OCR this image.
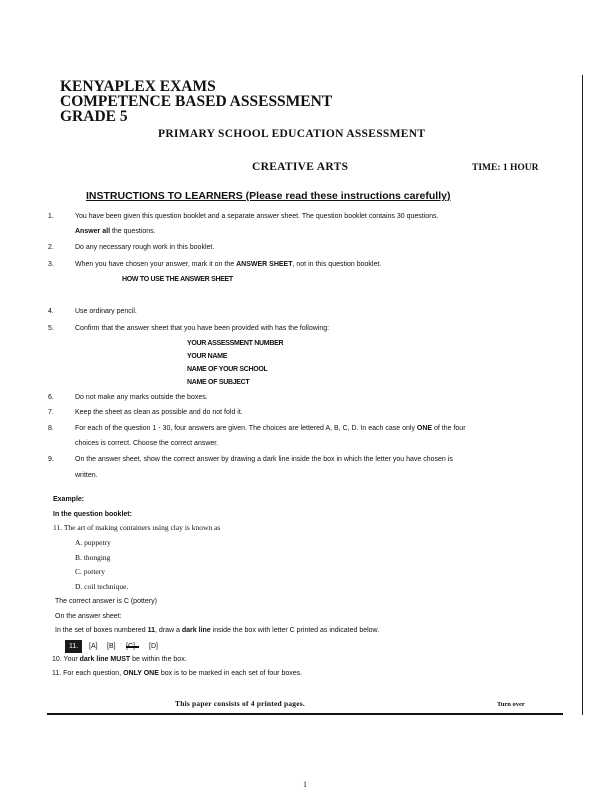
KENYAPLEX EXAMS
COMPETENCE BASED ASSESSMENT
GRADE 5
PRIMARY SCHOOL EDUCATION ASSESSMENT
CREATIVE ARTS	TIME: 1 HOUR
INSTRUCTIONS TO LEARNERS (Please read these instructions carefully)
1.	You have been given this question booklet and a separate answer sheet. The question booklet contains 30 questions.
Answer all the questions.
2.	Do any necessary rough work in this booklet.
3.	When you have chosen your answer, mark it on the ANSWER SHEET, not in this question booklet.
HOW TO USE THE ANSWER SHEET
4.	Use ordinary pencil.
5.	Confirm that the answer sheet that you have been provided with has the following:
YOUR ASSESSMENT NUMBER
YOUR NAME
NAME OF YOUR SCHOOL
NAME OF SUBJECT
6.	Do not make any marks outside the boxes.
7.	Keep the sheet as clean as possible and do not fold it.
8.	For each of the question 1 - 30, four answers are given. The choices are lettered A, B, C, D. In each case only ONE of the four
choices is correct. Choose the correct answer.
9.	On the answer sheet, show the correct answer by drawing a dark line inside the box in which the letter you have chosen is
written.
Example:
In the question booklet:
11. The art of making containers using clay is known as
A. puppetry
B. thonging
C. pottery
D. coil technique.
The correct answer is C (pottery)
On the answer sheet:
In the set of boxes numbered 11, draw a dark line inside the box with letter C printed as indicated below.
11.	[A] [B]	[D]
10. Your dark line MUST be within the box.
11. For each question, ONLY ONE box is to be marked in each set of four boxes.
This paper consists of 4 printed pages.	Turn over
1
